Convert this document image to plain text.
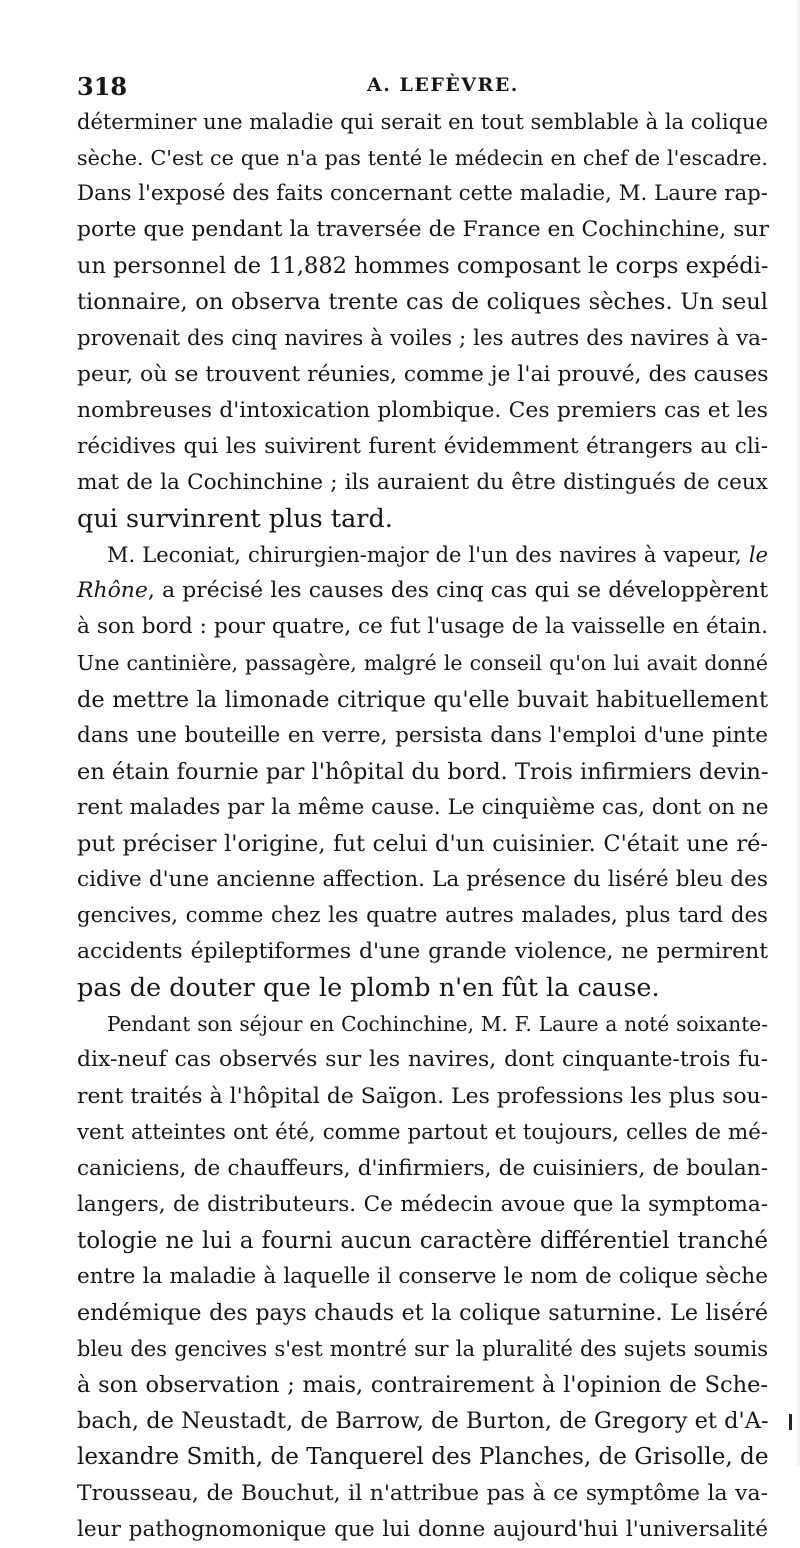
318	A. LEFÈVRE.
déterminer une maladie qui serait en tout semblable à la colique
sèche. C'est ce que n'a pas tenté le médecin en chef de l'escadre.
Dans l'exposé des faits concernant cette maladie, M. Laure rap-
porte que pendant la traversée de France en Cochinchine, sur
un personnel de 11,882 hommes composant le corps expédi-
tionnaire, on observa trente cas de coliques sèches. Un seul
provenait des cinq navires à voiles ; les autres des navires à va-
peur, où se trouvent réunies, comme je l'ai prouvé, des causes
nombreuses d'intoxication plombique. Ces premiers cas et les
récidives qui les suivirent furent évidemment étrangers au cli-
mat de la Cochinchine ; ils auraient du être distingués de ceux
qui survinrent plus tard.
M. Leconiat, chirurgien-major de l'un des navires à vapeur, le
Rhône, a précisé les causes des cinq cas qui se développèrent
à son bord : pour quatre, ce fut l'usage de la vaisselle en étain.
Une cantinière, passagère, malgré le conseil qu'on lui avait donné
de mettre la limonade citrique qu'elle buvait habituellement
dans une bouteille en verre, persista dans l'emploi d'une pinte
en étain fournie par l'hôpital du bord. Trois infirmiers devin-
rent malades par la même cause. Le cinquième cas, dont on ne
put préciser l'origine, fut celui d'un cuisinier. C'était une ré-
cidive d'une ancienne affection. La présence du liséré bleu des
gencives, comme chez les quatre autres malades, plus tard des
accidents épileptiformes d'une grande violence, ne permirent
pas de douter que le plomb n'en fût la cause.
Pendant son séjour en Cochinchine, M. F. Laure a noté soixante-
dix-neuf cas observés sur les navires, dont cinquante-trois fu-
rent traités à l'hôpital de Saïgon. Les professions les plus sou-
vent atteintes ont été, comme partout et toujours, celles de mé-
caniciens, de chauffeurs, d'infirmiers, de cuisiniers, de boulan-
langers, de distributeurs. Ce médecin avoue que la symptoma-
tologie ne lui a fourni aucun caractère différentiel tranché
entre la maladie à laquelle il conserve le nom de colique sèche
endémique des pays chauds et la colique saturnine. Le liséré
bleu des gencives s'est montré sur la pluralité des sujets soumis
à son observation ; mais, contrairement à l'opinion de Sche-
bach, de Neustadt, de Barrow, de Burton, de Gregory et d'A-
lexandre Smith, de Tanquerel des Planches, de Grisolle, de
Trousseau, de Bouchut, il n'attribue pas à ce symptôme la va-
leur pathognomonique que lui donne aujourd'hui l'universalité
